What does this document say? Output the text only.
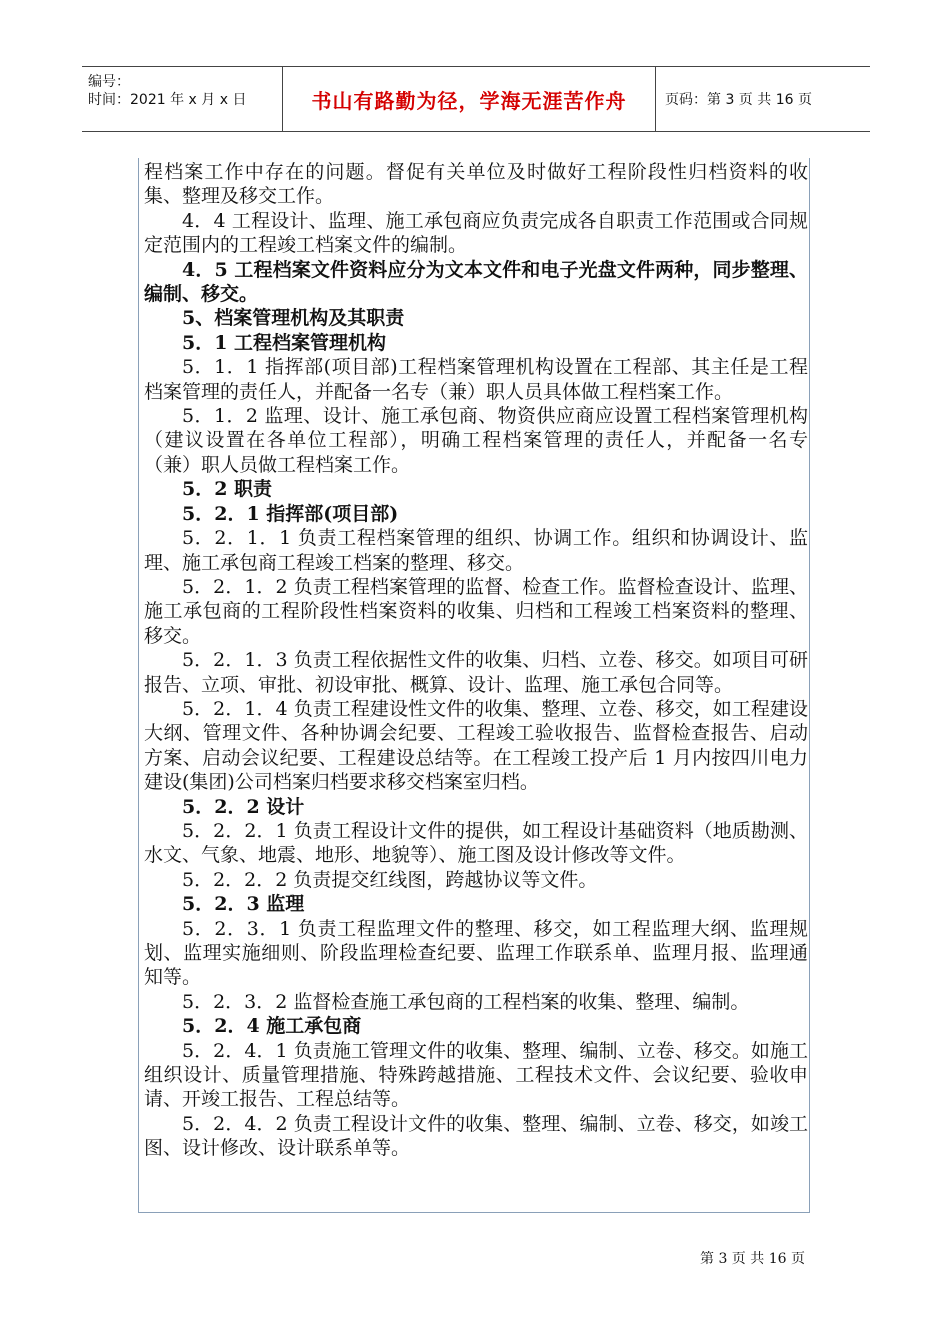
编号：
时间：2021 年 x 月 x 日	书山有路勤为径，学海无涯苦作舟	页码：第 3 页 共 16 页

程档案工作中存在的问题。督促有关单位及时做好工程阶段性归档资料的收集、整理及移交工作。

4．4 工程设计、监理、施工承包商应负责完成各自职责工作范围或合同规定范围内的工程竣工档案文件的编制。

4．5 工程档案文件资料应分为文本文件和电子光盘文件两种，同步整理、编制、移交。

5、档案管理机构及其职责

5．1 工程档案管理机构

5．1．1 指挥部(项目部)工程档案管理机构设置在工程部、其主任是工程档案管理的责任人，并配备一名专（兼）职人员具体做工程档案工作。

5．1．2 监理、设计、施工承包商、物资供应商应设置工程档案管理机构（建议设置在各单位工程部），明确工程档案管理的责任人，并配备一名专（兼）职人员做工程档案工作。

5．2 职责

5．2．1 指挥部(项目部)

5．2．1．1 负责工程档案管理的组织、协调工作。组织和协调设计、监理、施工承包商工程竣工档案的整理、移交。

5．2．1．2 负责工程档案管理的监督、检查工作。监督检查设计、监理、施工承包商的工程阶段性档案资料的收集、归档和工程竣工档案资料的整理、移交。

5．2．1．3 负责工程依据性文件的收集、归档、立卷、移交。如项目可研报告、立项、审批、初设审批、概算、设计、监理、施工承包合同等。

5．2．1．4 负责工程建设性文件的收集、整理、立卷、移交，如工程建设大纲、管理文件、各种协调会纪要、工程竣工验收报告、监督检查报告、启动方案、启动会议纪要、工程建设总结等。在工程竣工投产后 1 月内按四川电力建设(集团)公司档案归档要求移交档案室归档。

5．2．2 设计

5．2．2．1 负责工程设计文件的提供，如工程设计基础资料（地质勘测、水文、气象、地震、地形、地貌等）、施工图及设计修改等文件。

5．2．2．2 负责提交红线图，跨越协议等文件。

5．2．3 监理

5．2．3．1 负责工程监理文件的整理、移交，如工程监理大纲、监理规划、监理实施细则、阶段监理检查纪要、监理工作联系单、监理月报、监理通知等。

5．2．3．2 监督检查施工承包商的工程档案的收集、整理、编制。

5．2．4 施工承包商

5．2．4．1 负责施工管理文件的收集、整理、编制、立卷、移交。如施工组织设计、质量管理措施、特殊跨越措施、工程技术文件、会议纪要、验收申请、开竣工报告、工程总结等。

5．2．4．2 负责工程设计文件的收集、整理、编制、立卷、移交，如竣工图、设计修改、设计联系单等。

第 3 页 共 16 页
